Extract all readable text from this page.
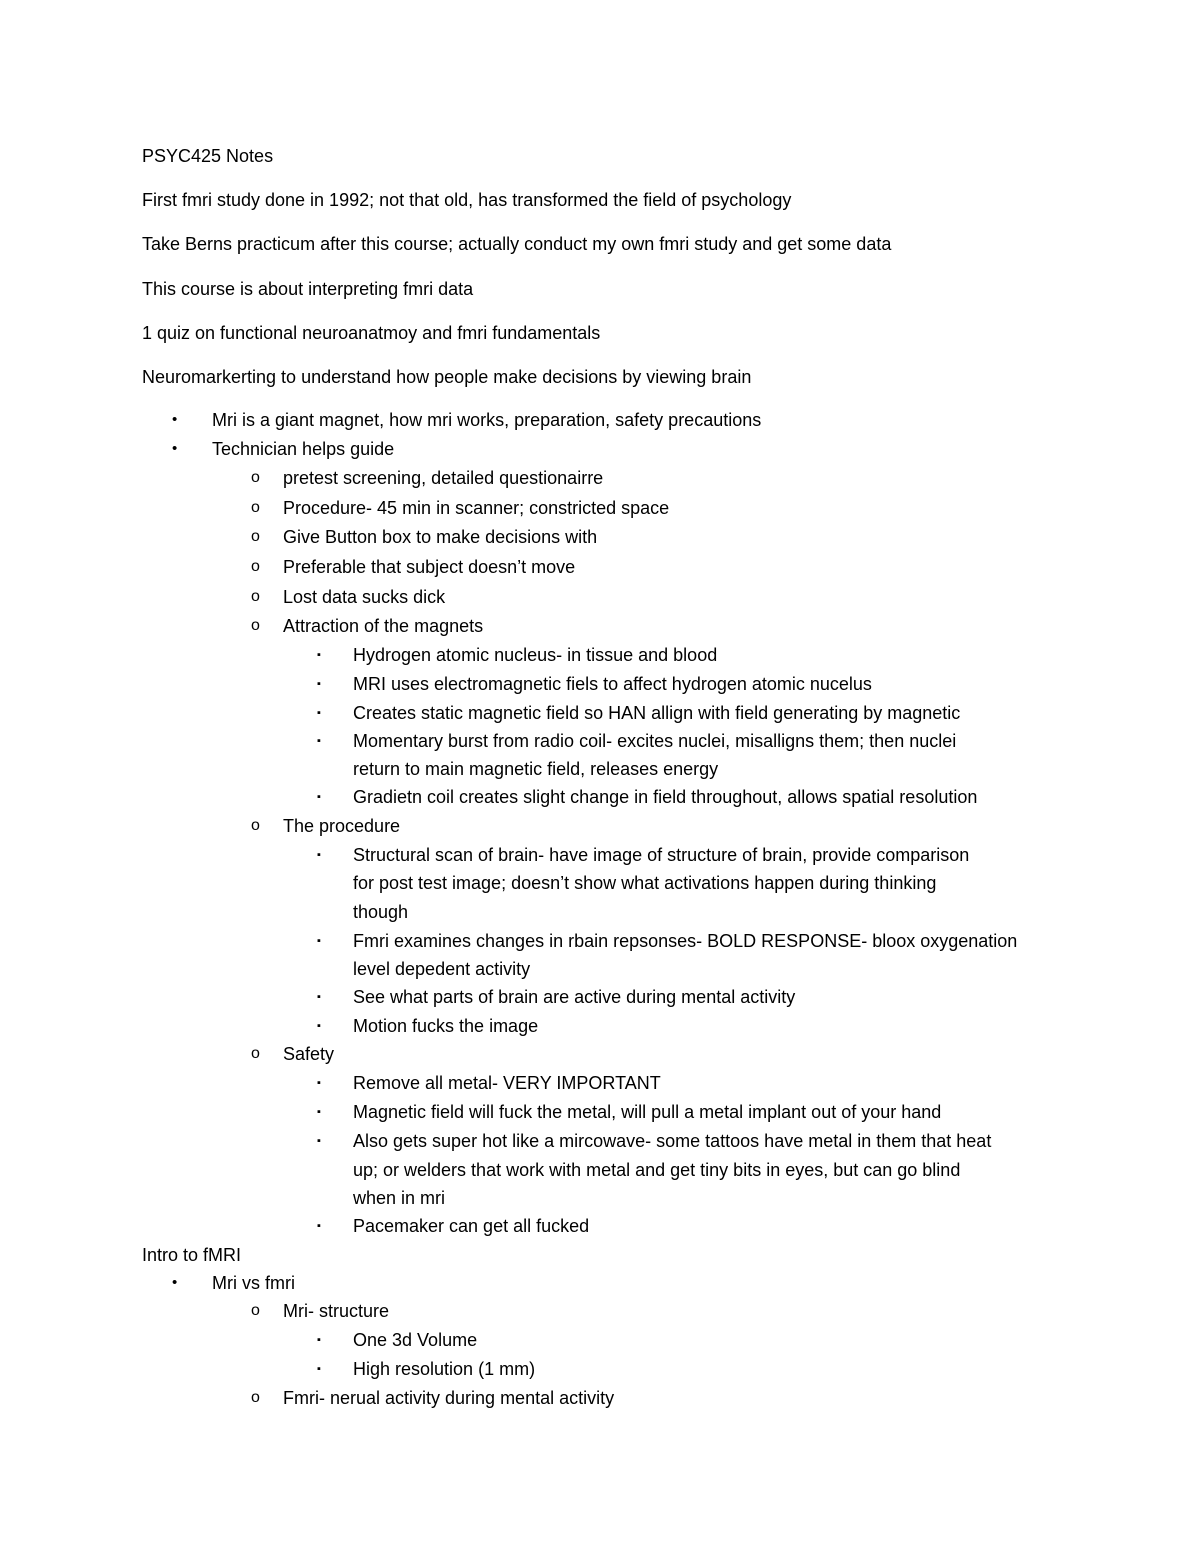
PSYC425 Notes
First fmri study done in 1992; not that old, has transformed the field of psychology
Take Berns practicum after this course; actually conduct my own fmri study and get some data
This course is about interpreting fmri data
1 quiz on functional neuroanatmoy and fmri fundamentals
Neuromarkerting to understand how people make decisions by viewing brain
• Mri is a giant magnet, how mri works, preparation, safety precautions
• Technician helps guide
o pretest screening, detailed questionairre
o Procedure- 45 min in scanner; constricted space
o Give Button box to make decisions with
o Preferable that subject doesn’t move
o Lost data sucks dick
o Attraction of the magnets
▪ Hydrogen atomic nucleus- in tissue and blood
▪ MRI uses electromagnetic fiels to affect hydrogen atomic nucelus
▪ Creates static magnetic field so HAN allign with field generating by magnetic
▪ Momentary burst from radio coil- excites nuclei, misalligns them; then nuclei
return to main magnetic field, releases energy
▪ Gradietn coil creates slight change in field throughout, allows spatial resolution
o The procedure
▪ Structural scan of brain- have image of structure of brain, provide comparison
for post test image; doesn’t show what activations happen during thinking
though
▪ Fmri examines changes in rbain repsonses- BOLD RESPONSE- bloox oxygenation
level depedent activity
▪ See what parts of brain are active during mental activity
▪ Motion fucks the image
o Safety
▪ Remove all metal- VERY IMPORTANT
▪ Magnetic field will fuck the metal, will pull a metal implant out of your hand
▪ Also gets super hot like a mircowave- some tattoos have metal in them that heat
up; or welders that work with metal and get tiny bits in eyes, but can go blind
when in mri
▪ Pacemaker can get all fucked
Intro to fMRI
• Mri vs fmri
o Mri- structure
▪ One 3d Volume
▪ High resolution (1 mm)
o Fmri- nerual activity during mental activity
